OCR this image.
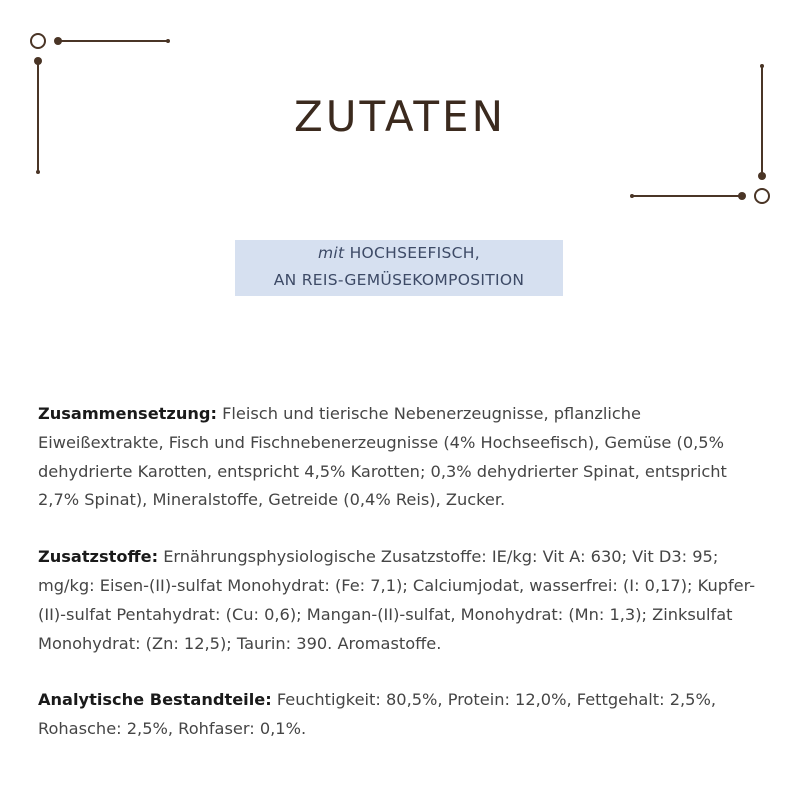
ZUTATEN
mit HOCHSEEFISCH,
AN REIS-GEMÜSEKOMPOSITION

Zusammensetzung: Fleisch und tierische Nebenerzeugnisse, pflanzliche Eiweißextrakte, Fisch und Fischnebenerzeugnisse (4% Hochseefisch), Gemüse (0,5% dehydrierte Karotten, entspricht 4,5% Karotten; 0,3% dehydrierter Spinat, entspricht 2,7% Spinat), Mineralstoffe, Getreide (0,4% Reis), Zucker.

Zusatzstoffe: Ernährungsphysiologische Zusatzstoffe: IE/kg: Vit A: 630; Vit D3: 95; mg/kg: Eisen-(II)-sulfat Monohydrat: (Fe: 7,1); Calciumjodat, wasserfrei: (I: 0,17); Kupfer-(II)-sulfat Pentahydrat: (Cu: 0,6); Mangan-(II)-sulfat, Monohydrat: (Mn: 1,3); Zinksulfat Monohydrat: (Zn: 12,5); Taurin: 390. Aromastoffe.

Analytische Bestandteile: Feuchtigkeit: 80,5%, Protein: 12,0%, Fettgehalt: 2,5%, Rohasche: 2,5%, Rohfaser: 0,1%.
